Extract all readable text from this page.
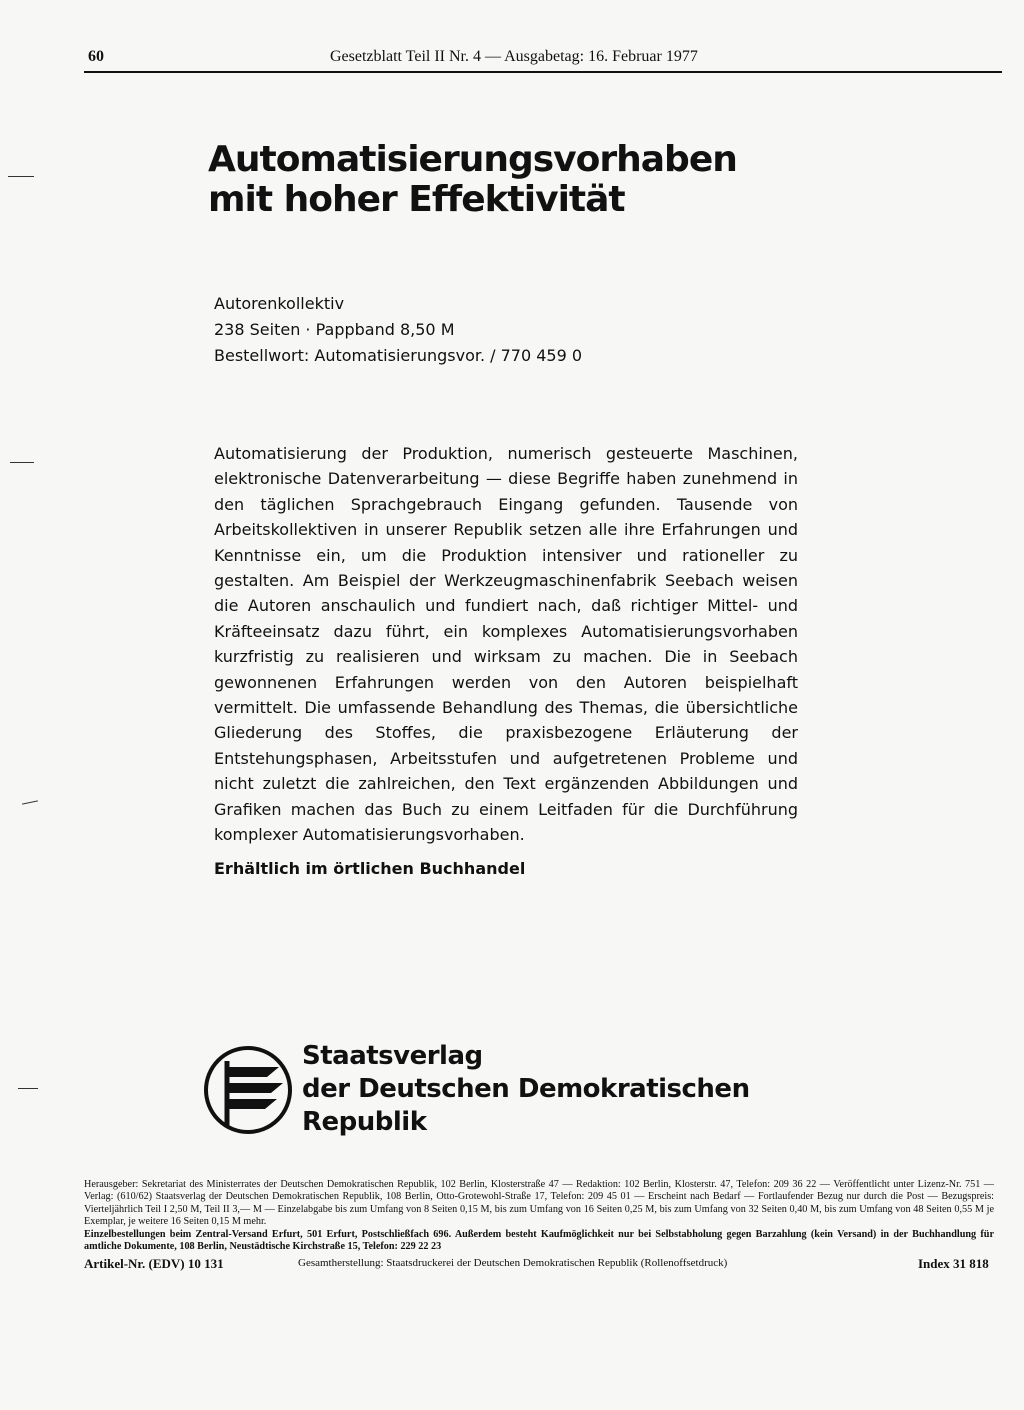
60	Gesetzblatt Teil II Nr. 4 — Ausgabetag: 16. Februar 1977
Automatisierungsvorhaben
mit hoher Effektivität
Autorenkollektiv
238 Seiten · Pappband 8,50 M
Bestellwort: Automatisierungsvor. / 770 459 0

Automatisierung der Produktion, numerisch gesteuerte Maschinen, elektronische Datenverarbeitung — diese Begriffe haben zunehmend in den täglichen Sprachgebrauch Eingang gefunden. Tausende von Arbeitskollektiven in unserer Republik setzen alle ihre Erfahrungen und Kenntnisse ein, um die Produktion intensiver und rationeller zu gestalten. Am Beispiel der Werkzeugmaschinenfabrik Seebach weisen die Autoren anschaulich und fundiert nach, daß richtiger Mittel- und Kräfteeinsatz dazu führt, ein komplexes Automatisierungsvorhaben kurzfristig zu realisieren und wirksam zu machen. Die in Seebach gewonnenen Erfahrungen werden von den Autoren beispielhaft vermittelt. Die umfassende Behandlung des Themas, die übersichtliche Gliederung des Stoffes, die praxisbezogene Erläuterung der Entstehungsphasen, Arbeitsstufen und aufgetretenen Probleme und nicht zuletzt die zahlreichen, den Text ergänzenden Abbildungen und Grafiken machen das Buch zu einem Leitfaden für die Durchführung komplexer Automatisierungsvorhaben.

Erhältlich im örtlichen Buchhandel
Staatsverlag
der Deutschen Demokratischen
Republik

Herausgeber: Sekretariat des Ministerrates der Deutschen Demokratischen Republik, 102 Berlin, Klosterstraße 47 — Redaktion: 102 Berlin, Klosterstr. 47, Telefon: 209 36 22 — Veröffentlicht unter Lizenz-Nr. 751 — Verlag: (610/62) Staatsverlag der Deutschen Demokratischen Republik, 108 Berlin, Otto-Grotewohl-Straße 17, Telefon: 209 45 01 — Erscheint nach Bedarf — Fortlaufender Bezug nur durch die Post — Bezugspreis: Vierteljährlich Teil I 2,50 M, Teil II 3,— M — Einzelabgabe bis zum Umfang von 8 Seiten 0,15 M, bis zum Umfang von 16 Seiten 0,25 M, bis zum Umfang von 32 Seiten 0,40 M, bis zum Umfang von 48 Seiten 0,55 M je Exemplar, je weitere 16 Seiten 0,15 M mehr.

Einzelbestellungen beim Zentral-Versand Erfurt, 501 Erfurt, Postschließfach 696. Außerdem besteht Kaufmöglichkeit nur bei Selbstabholung gegen Barzahlung (kein Versand) in der Buchhandlung für amtliche Dokumente, 108 Berlin, Neustädtische Kirchstraße 15, Telefon: 229 22 23

Artikel-Nr. (EDV) 10 131	Gesamtherstellung: Staatsdruckerei der Deutschen Demokratischen Republik (Rollenoffsetdruck)	Index 31 818
